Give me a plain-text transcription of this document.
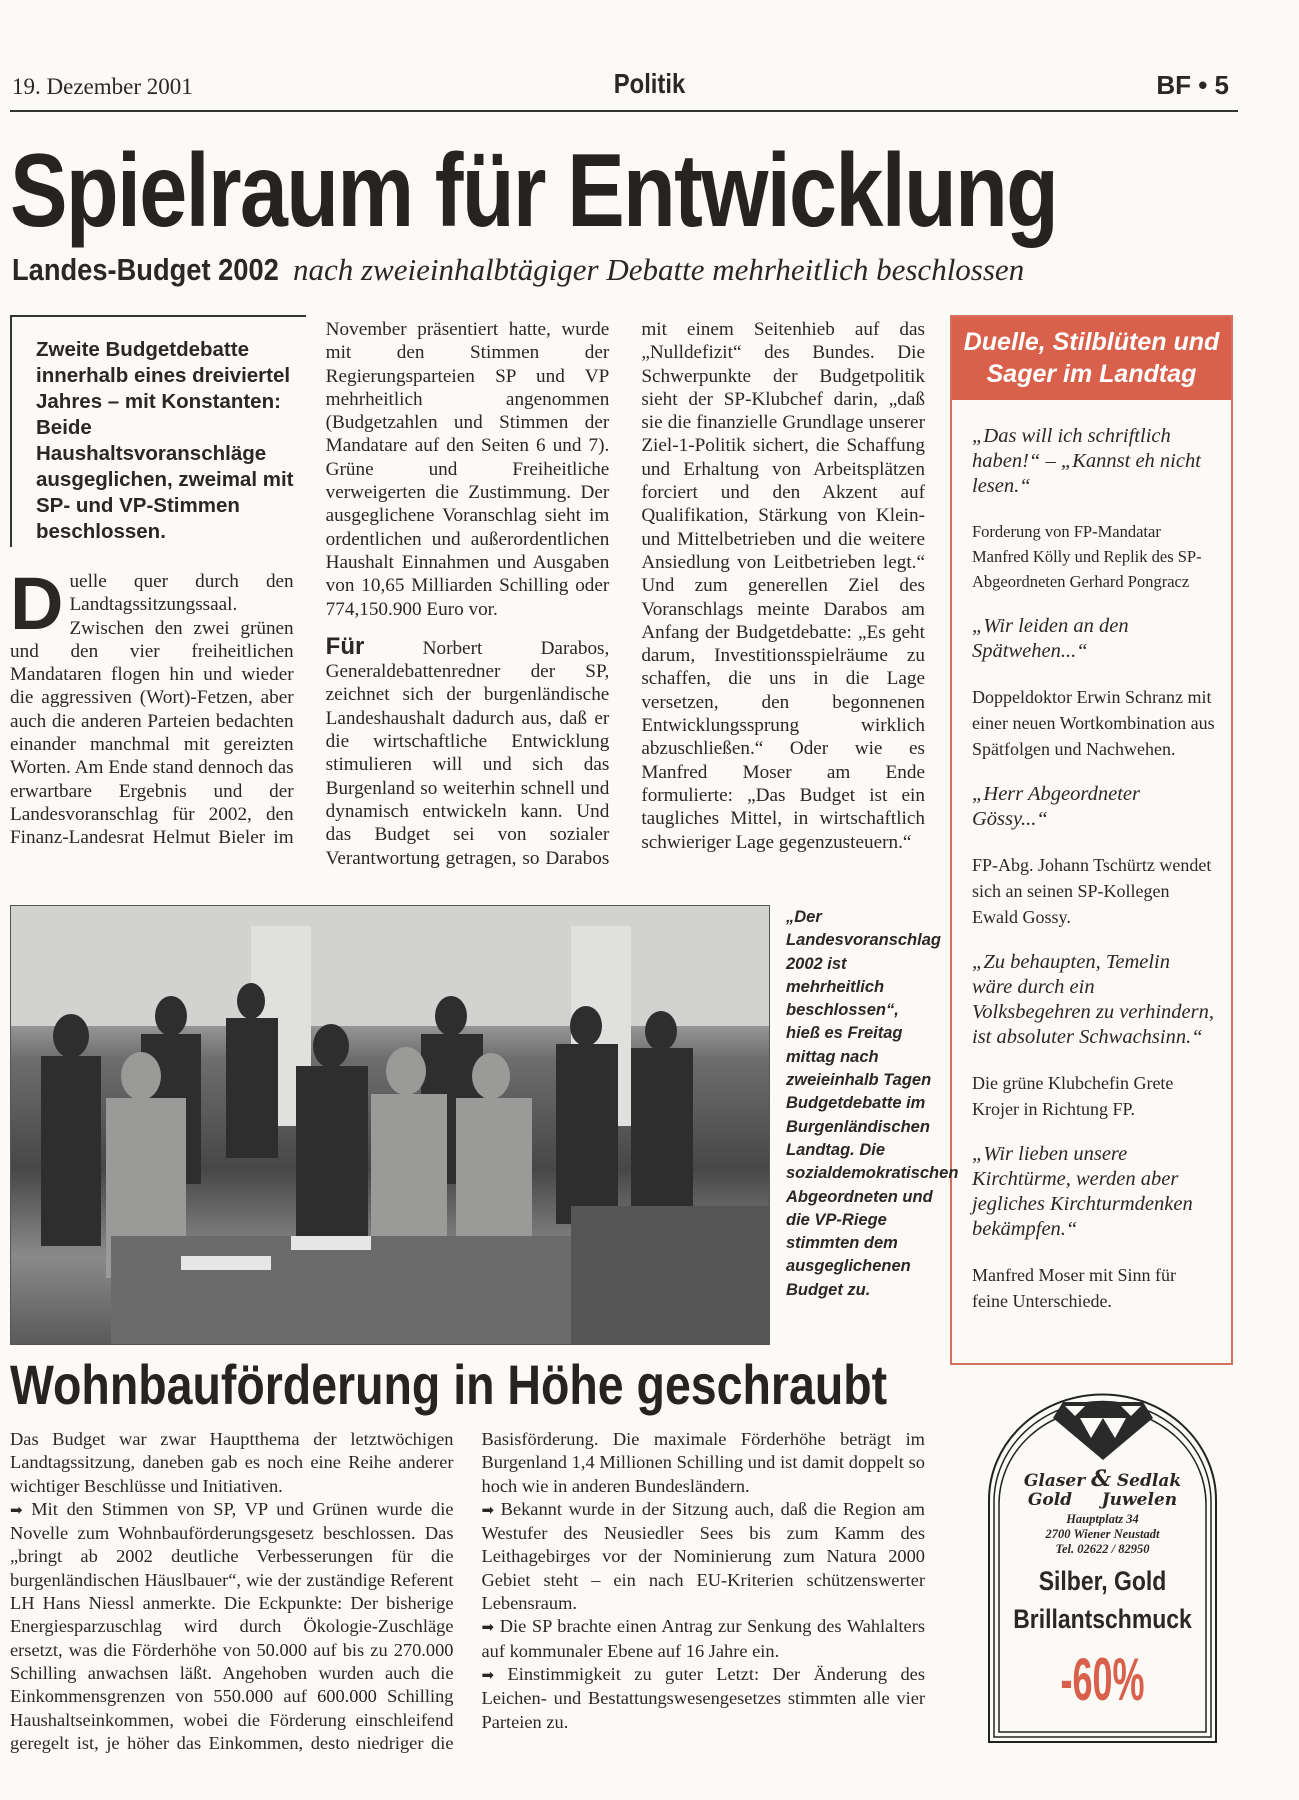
19. Dezember 2001	Politik	BF • 5
Spielraum für Entwicklung
Landes-Budget 2002 nach zweieinhalbtägiger Debatte mehrheitlich beschlossen
Zweite Budgetdebatte innerhalb eines dreiviertel Jahres – mit Konstanten: Beide Haushaltsvoranschläge ausgeglichen, zweimal mit SP- und VP-Stimmen beschlossen.
Duelle quer durch den Landtagssitzungssaal. Zwischen den zwei grünen und den vier freiheitlichen Mandataren flogen hin und wieder die aggressiven (Wort)-Fetzen, aber auch die anderen Parteien bedachten einander manchmal mit gereizten Worten. Am Ende stand dennoch das erwartbare Ergebnis und der Landesvoranschlag für 2002, den Finanz-Landesrat Helmut Bieler im November präsentiert hatte, wurde mit den Stimmen der Regierungsparteien SP und VP mehrheitlich angenommen (Budgetzahlen und Stimmen der Mandatare auf den Seiten 6 und 7). Grüne und Freiheitliche verweigerten die Zustimmung. Der ausgeglichene Voranschlag sieht im ordentlichen und außerordentlichen Haushalt Einnahmen und Ausgaben von 10,65 Milliarden Schilling oder 774,150.900 Euro vor.

Für Norbert Darabos, Generaldebattenredner der SP, zeichnet sich der burgenländische Landeshaushalt dadurch aus, daß er die wirtschaftliche Entwicklung stimulieren will und sich das Burgenland so weiterhin schnell und dynamisch entwickeln kann. Und das Budget sei von sozialer Verantwortung getragen, so Darabos mit einem Seitenhieb auf das „Nulldefizit“ des Bundes. Die Schwerpunkte der Budgetpolitik sieht der SP-Klubchef darin, „daß sie die finanzielle Grundlage unserer Ziel-1-Politik sichert, die Schaffung und Erhaltung von Arbeitsplätzen forciert und den Akzent auf Qualifikation, Stärkung von Klein- und Mittelbetrieben und die weitere Ansiedlung von Leitbetrieben legt.“ Und zum generellen Ziel des Voranschlags meinte Darabos am Anfang der Budgetdebatte: „Es geht darum, Investitionsspielräume zu schaffen, die uns in die Lage versetzen, den begonnenen Entwicklungssprung wirklich abzuschließen.“ Oder wie es Manfred Moser am Ende formulierte: „Das Budget ist ein taugliches Mittel, in wirtschaftlich schwieriger Lage gegenzusteuern.“

Duelle, Stilblüten und Sager im Landtag
„Das will ich schriftlich haben!“ – „Kannst eh nicht lesen.“
Forderung von FP-Mandatar Manfred Kölly und Replik des SP-Abgeordneten Gerhard Pongracz
„Wir leiden an den Spätwehen...“
Doppeldoktor Erwin Schranz mit einer neuen Wortkombination aus Spätfolgen und Nachwehen.
„Herr Abgeordneter Gössy...“
FP-Abg. Johann Tschürtz wendet sich an seinen SP-Kollegen Ewald Gossy.
„Zu behaupten, Temelin wäre durch ein Volksbegehren zu verhindern, ist absoluter Schwachsinn.“
Die grüne Klubchefin Grete Krojer in Richtung FP.
„Wir lieben unsere Kirchtürme, werden aber jegliches Kirchturmdenken bekämpfen.“
Manfred Moser mit Sinn für feine Unterschiede.
„Der Landesvoranschlag 2002 ist mehrheitlich beschlossen“, hieß es Freitag mittag nach zweieinhalb Tagen Budgetdebatte im Burgenländischen Landtag. Die sozialdemokratischen Abgeordneten und die VP-Riege stimmten dem ausgeglichenen Budget zu.
Wohnbauförderung in Höhe geschraubt
Das Budget war zwar Hauptthema der letztwöchigen Landtagssitzung, daneben gab es noch eine Reihe anderer wichtiger Beschlüsse und Initiativen.
➡ Mit den Stimmen von SP, VP und Grünen wurde die Novelle zum Wohnbauförderungsgesetz beschlossen. Das „bringt ab 2002 deutliche Verbesserungen für die burgenländischen Häuslbauer“, wie der zuständige Referent LH Hans Niessl anmerkte. Die Eckpunkte: Der bisherige Energiesparzuschlag wird durch Ökologie-Zuschläge ersetzt, was die Förderhöhe von 50.000 auf bis zu 270.000 Schilling anwachsen läßt. Angehoben wurden auch die Einkommensgrenzen von 550.000 auf 600.000 Schilling Haushaltseinkommen, wobei die Förderung einschleifend geregelt ist, je höher das Einkommen, desto niedriger die Basisförderung. Die maximale Förderhöhe beträgt im Burgenland 1,4 Millionen Schilling und ist damit doppelt so hoch wie in anderen Bundesländern.
➡ Bekannt wurde in der Sitzung auch, daß die Region am Westufer des Neusiedler Sees bis zum Kamm des Leithagebirges vor der Nominierung zum Natura 2000 Gebiet steht – ein nach EU-Kriterien schützenswerter Lebensraum.
➡ Die SP brachte einen Antrag zur Senkung des Wahlalters auf kommunaler Ebene auf 16 Jahre ein.
➡ Einstimmigkeit zu guter Letzt: Der Änderung des Leichen- und Bestattungswesengesetzes stimmten alle vier Parteien zu.
Glaser & Sedlak
Gold Juwelen
Hauptplatz 34
2700 Wiener Neustadt
Tel. 02622 / 82950
Silber, Gold
Brillantschmuck
-60%
